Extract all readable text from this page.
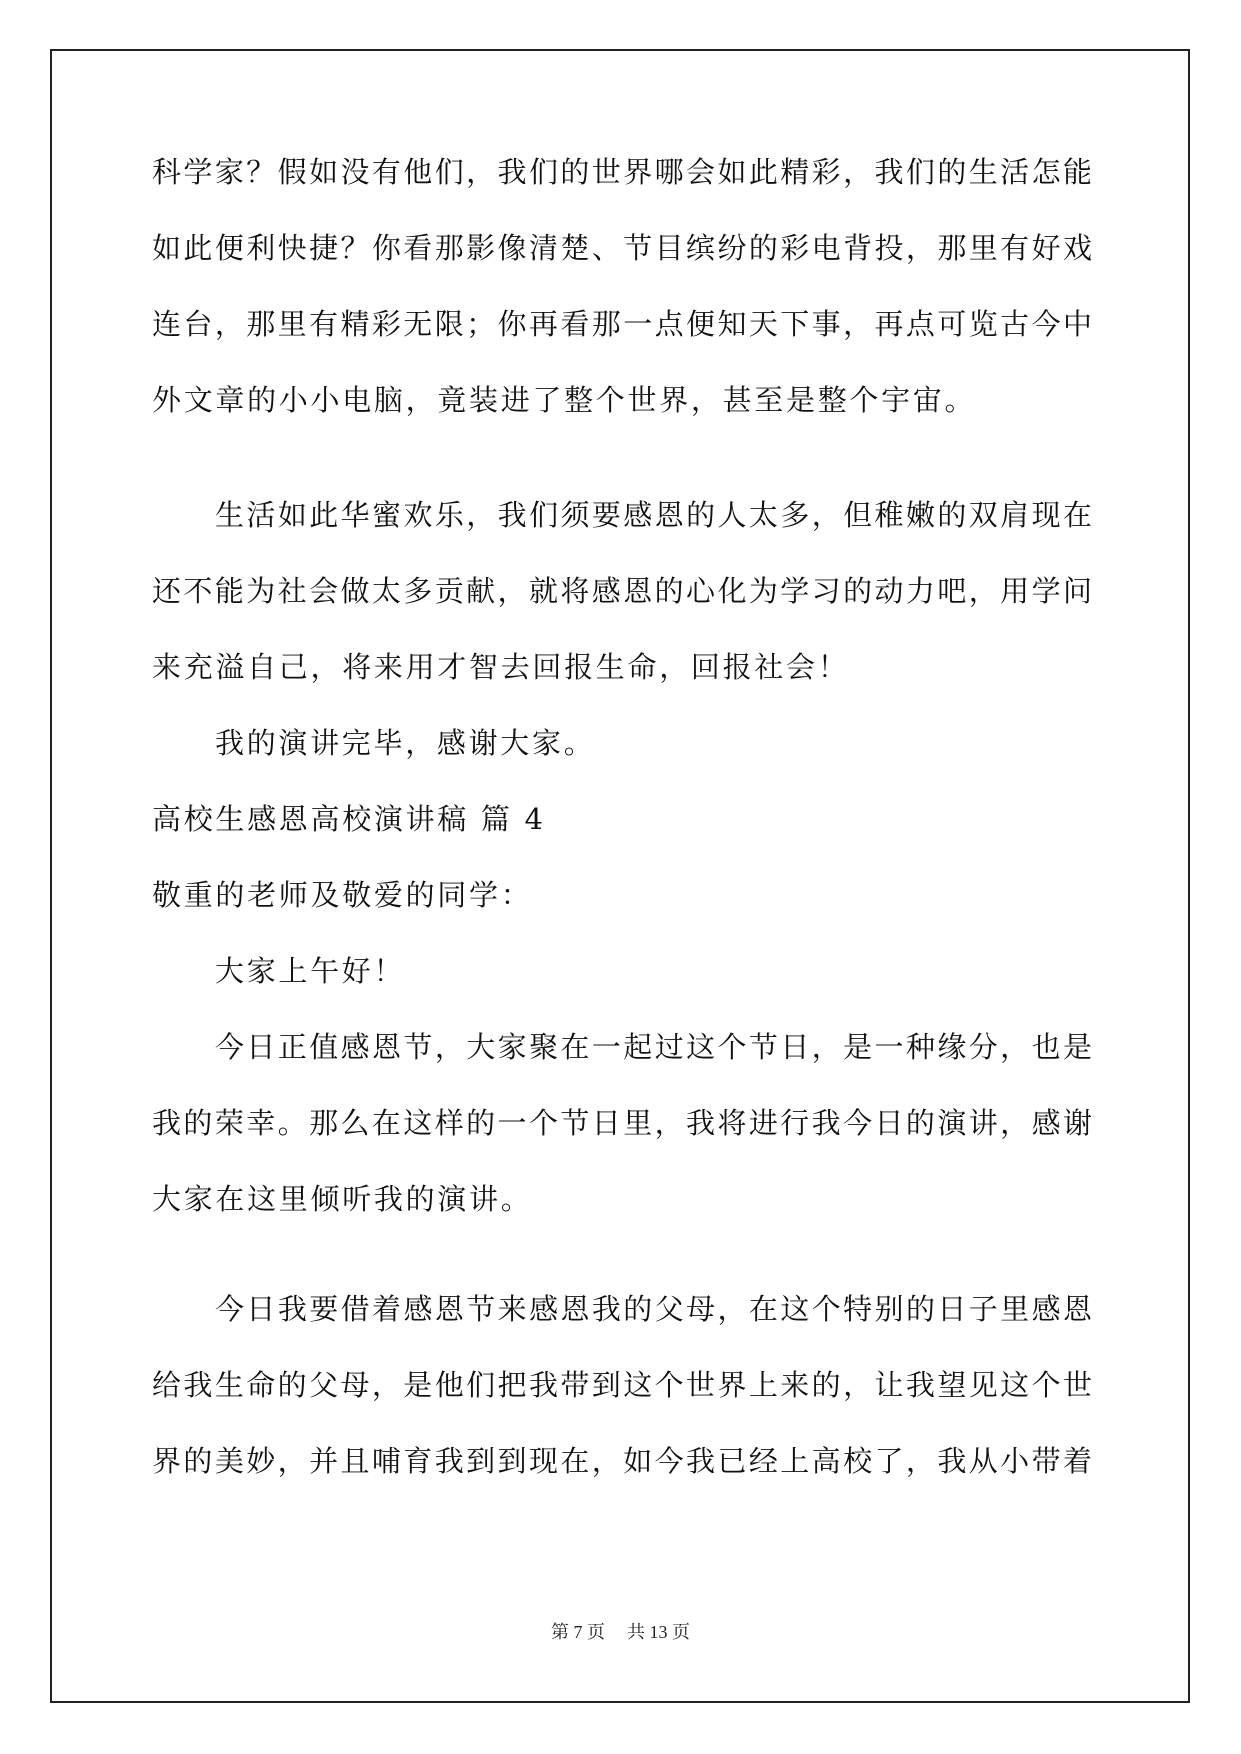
科学家？假如没有他们，我们的世界哪会如此精彩，我们的生活怎能
如此便利快捷？你看那影像清楚、节目缤纷的彩电背投，那里有好戏
连台，那里有精彩无限；你再看那一点便知天下事，再点可览古今中
外文章的小小电脑，竟装进了整个世界，甚至是整个宇宙。
生活如此华蜜欢乐，我们须要感恩的人太多，但稚嫩的双肩现在
还不能为社会做太多贡献，就将感恩的心化为学习的动力吧，用学问
来充溢自己，将来用才智去回报生命，回报社会！
我的演讲完毕，感谢大家。
高校生感恩高校演讲稿 篇 4
敬重的老师及敬爱的同学：
大家上午好！
今日正值感恩节，大家聚在一起过这个节日，是一种缘分，也是
我的荣幸。那么在这样的一个节日里，我将进行我今日的演讲，感谢
大家在这里倾听我的演讲。
今日我要借着感恩节来感恩我的父母，在这个特别的日子里感恩
给我生命的父母，是他们把我带到这个世界上来的，让我望见这个世
界的美妙，并且哺育我到到现在，如今我已经上高校了，我从小带着
第 7 页 共 13 页
